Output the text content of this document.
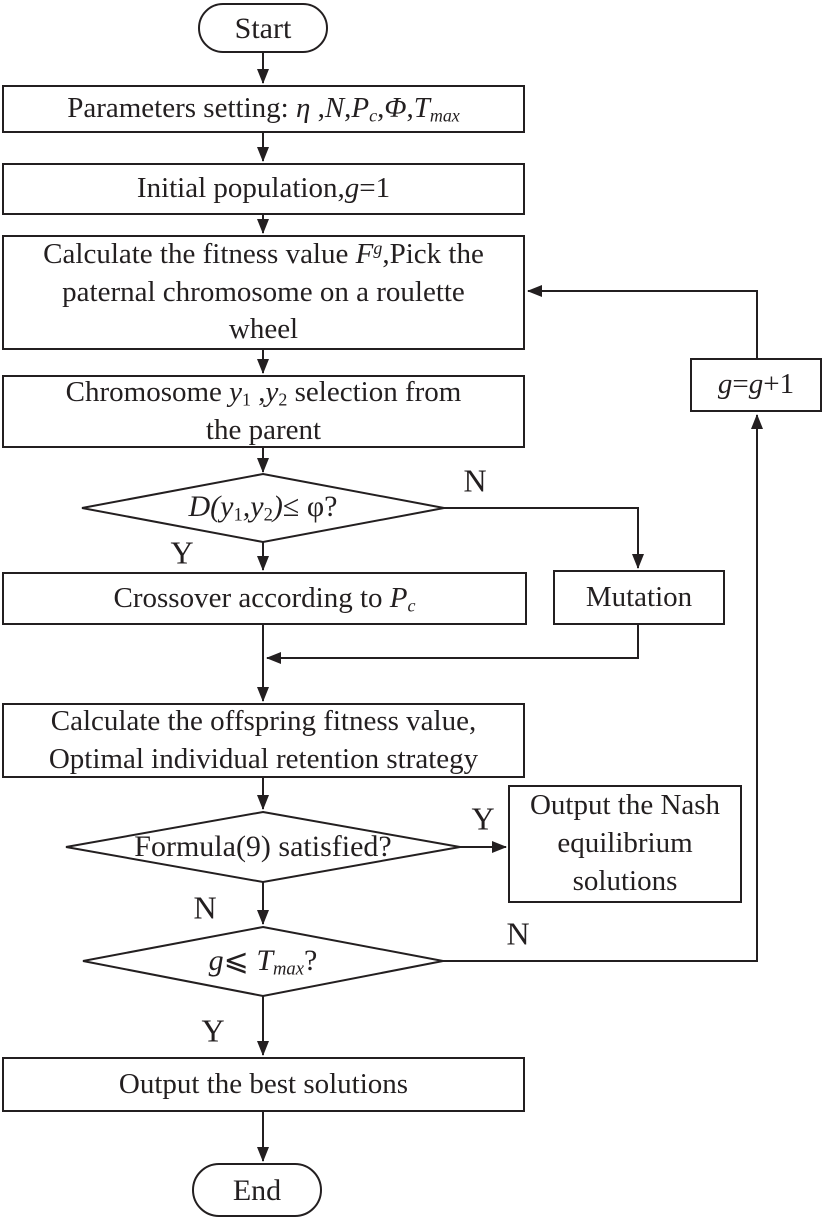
Start
Parameters setting: η ,N,Pc,Φ,Tmax
Initial population,g=1
Calculate the fitness value $F^g,Pick$ the
paternal chromosome on a roulette
wheel
Chromosome y1 ,y2 selection from
the parent
D(y1,y2)≤ φ?
Crossover according to Pc	Mutation
Calculate the offspring fitness value,
Optimal individual retention strategy
Formula(9) satisfied?
Output the Nash
equilibrium
solutions
g⩽ Tmax?
g=g+1
Output the best solutions
End
N
Y
Y
N
N
Y
